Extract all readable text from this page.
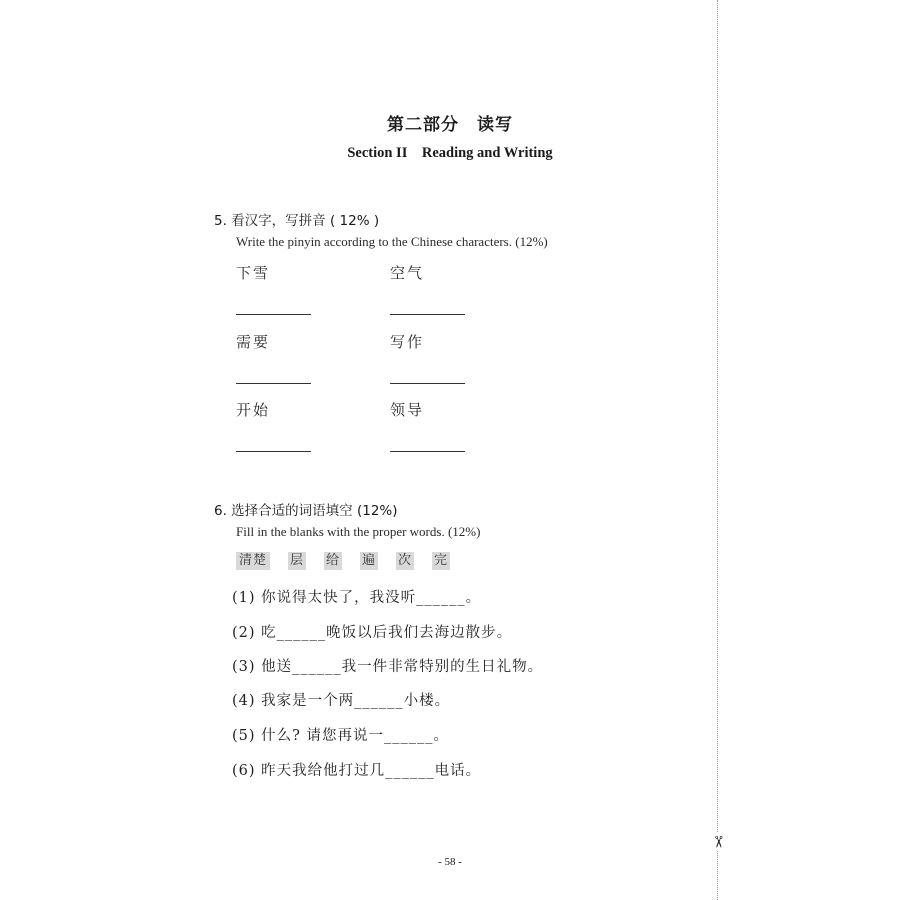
✂
第二部分　读写
Section II    Reading and Writing
5. 看汉字，写拼音 ( 12% )
Write the pinyin according to the Chinese characters. (12%)
下雪	空气
需要	写作
开始	领导
6. 选择合适的词语填空 (12%)
Fill in the blanks with the proper words. (12%)
清楚 层 给 遍 次 完
(1) 你说得太快了，我没听______。
(2) 吃______晚饭以后我们去海边散步。
(3) 他送______我一件非常特别的生日礼物。
(4) 我家是一个两______小楼。
(5) 什么? 请您再说一______。
(6) 昨天我给他打过几______电话。
- 58 -
